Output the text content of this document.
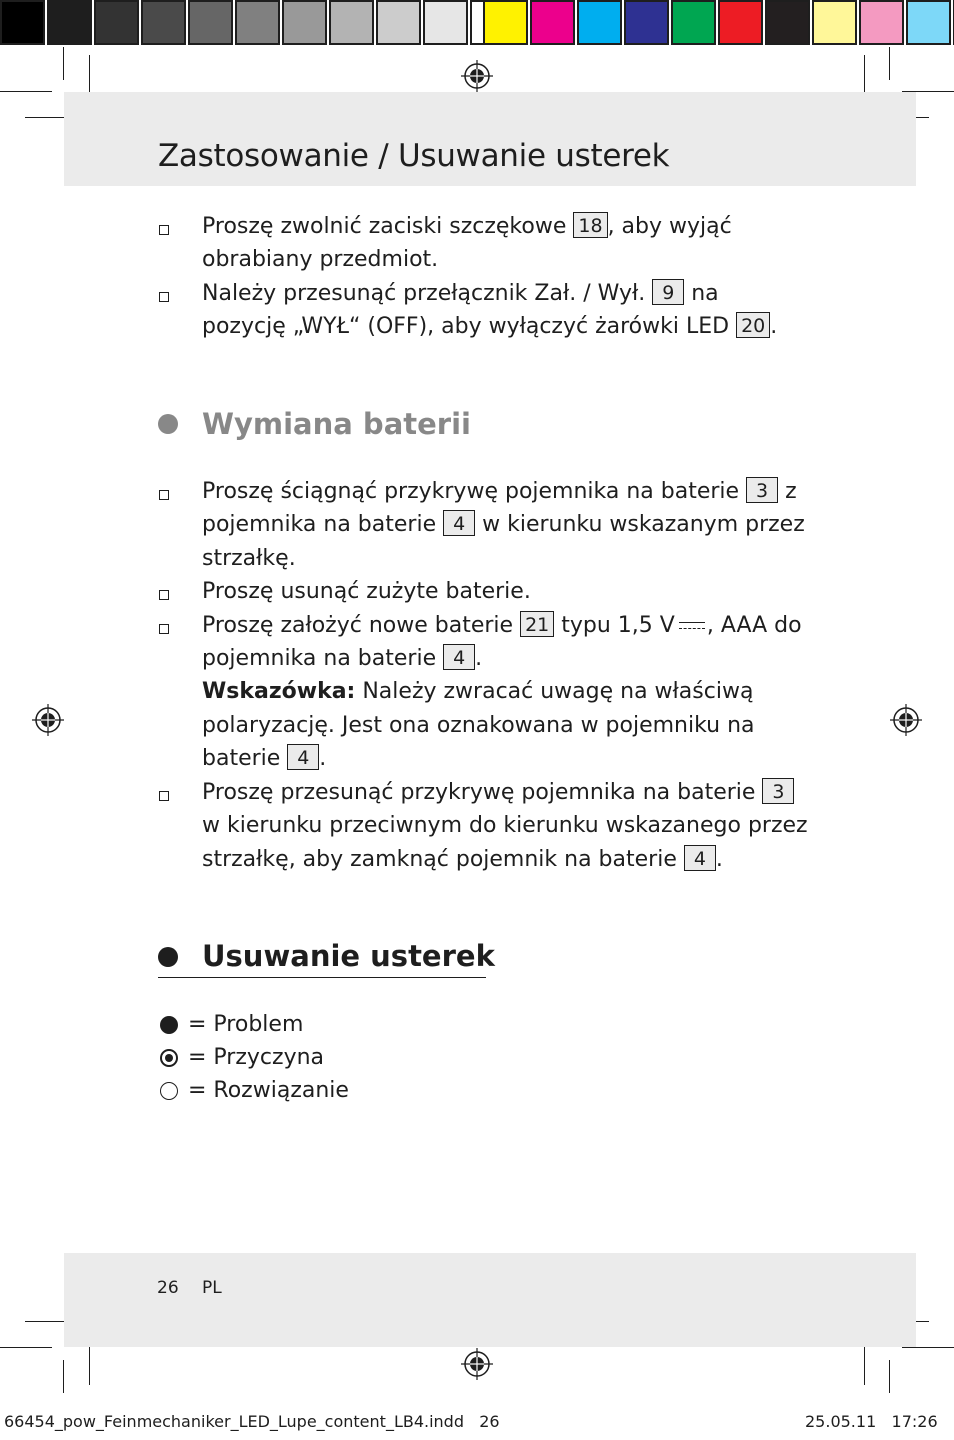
Zastosowanie / Usuwanie usterek
Proszę zwolnić zaciski szczękowe 18 , aby wyjąć obrabiany przedmiot.
Należy przesunąć przełącznik Zał. / Wył. 9 na pozycję „WYŁ“ (OFF), aby wyłączyć żarówki LED 20 .
Wymiana baterii
Proszę ściągnąć przykrywę pojemnika na baterie 3 z pojemnika na baterie 4 w kierunku wskazanym przez strzałkę.
Proszę usunąć zużyte baterie.
Proszę założyć nowe baterie 21 typu 1,5 V , AAA do pojemnika na baterie 4 .
Wskazówka: Należy zwracać uwagę na właściwą polaryzację. Jest ona oznakowana w pojemniku na baterie 4 .
Proszę przesunąć przykrywę pojemnika na baterie 3 w kierunku przeciwnym do kierunku wskazanego przez strzałkę, aby zamknąć pojemnik na baterie 4 .
Usuwanie usterek
= Problem
= Przyczyna
= Rozwiązanie
26 PL
66454_pow_Feinmechaniker_LED_Lupe_content_LB4.indd   26	25.05.11   17:26
